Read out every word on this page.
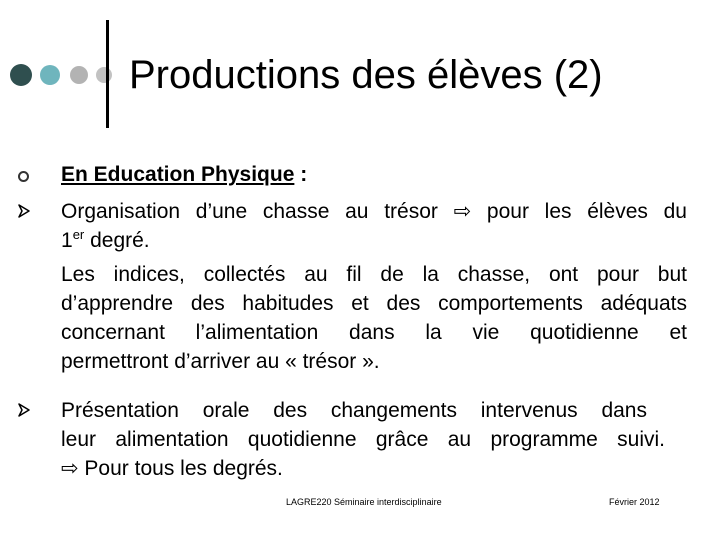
Productions des élèves (2)

En Education Physique :

Organisation d’une chasse au trésor ⇨ pour les élèves du
1er degré.
Les indices, collectés au fil de la chasse, ont pour but
d’apprendre des habitudes et des comportements adéquats
concernant l’alimentation dans la vie quotidienne et
permettront d’arriver au « trésor ».
Présentation orale des changements intervenus dans
leur alimentation quotidienne grâce au programme suivi.
⇨ Pour tous les degrés.
LAGRE220 Séminaire interdisciplinaire	Février 2012
